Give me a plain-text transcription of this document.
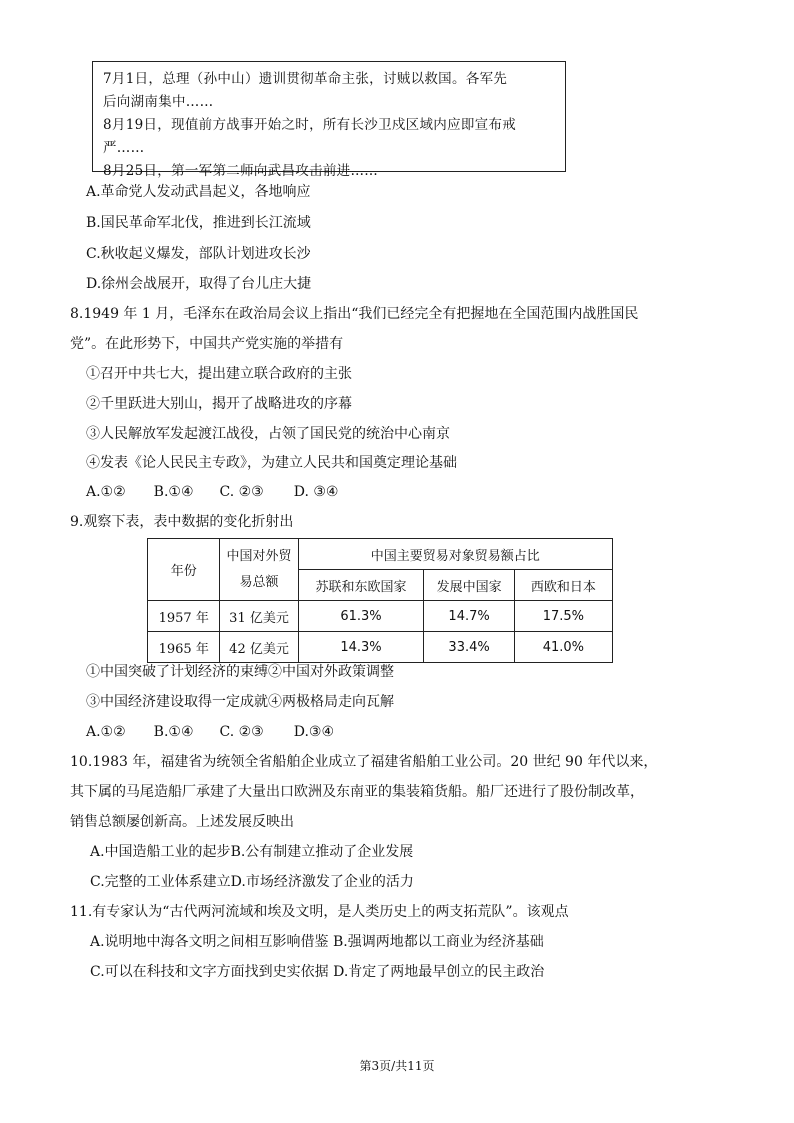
7月1日，总理（孙中山）遗训贯彻革命主张，讨贼以救国。各军先
后向湖南集中……
8月19日，现值前方战事开始之时，所有长沙卫戍区域内应即宣布戒
严……
8月25日，第一军第二师向武昌攻击前进……
A.革命党人发动武昌起义，各地响应
B.国民革命军北伐，推进到长江流域
C.秋收起义爆发，部队计划进攻长沙
D.徐州会战展开，取得了台儿庄大捷
8.1949 年 1 月，毛泽东在政治局会议上指出“我们已经完全有把握地在全国范围内战胜国民
党”。在此形势下，中国共产党实施的举措有
①召开中共七大，提出建立联合政府的主张
②千里跃进大别山，揭开了战略进攻的序幕
③人民解放军发起渡江战役，占领了国民党的统治中心南京
④发表《论人民民主专政》，为建立人民共和国奠定理论基础
A.①② B.①④ C. ②③ D. ③④
9.观察下表，表中数据的变化折射出
年份	中国对外贸
易总额	中国主要贸易对象贸易额占比		
		苏联和东欧国家	发展中国家	西欧和日本
1957 年	31 亿美元	61.3%	14.7%	17.5%
1965 年	42 亿美元	14.3%	33.4%	41.0%
①中国突破了计划经济的束缚②中国对外政策调整
③中国经济建设取得一定成就④两极格局走向瓦解
A.①② B.①④ C. ②③ D.③④
10.1983 年，福建省为统领全省船舶企业成立了福建省船舶工业公司。20 世纪 90 年代以来，
其下属的马尾造船厂承建了大量出口欧洲及东南亚的集装箱货船。船厂还进行了股份制改革，
销售总额屡创新高。上述发展反映出
A.中国造船工业的起步B.公有制建立推动了企业发展
C.完整的工业体系建立D.市场经济激发了企业的活力
11.有专家认为“古代两河流域和埃及文明，是人类历史上的两支拓荒队”。该观点
A.说明地中海各文明之间相互影响借鉴 B.强调两地都以工商业为经济基础
C.可以在科技和文字方面找到史实依据 D.肯定了两地最早创立的民主政治
第3页/共11页
